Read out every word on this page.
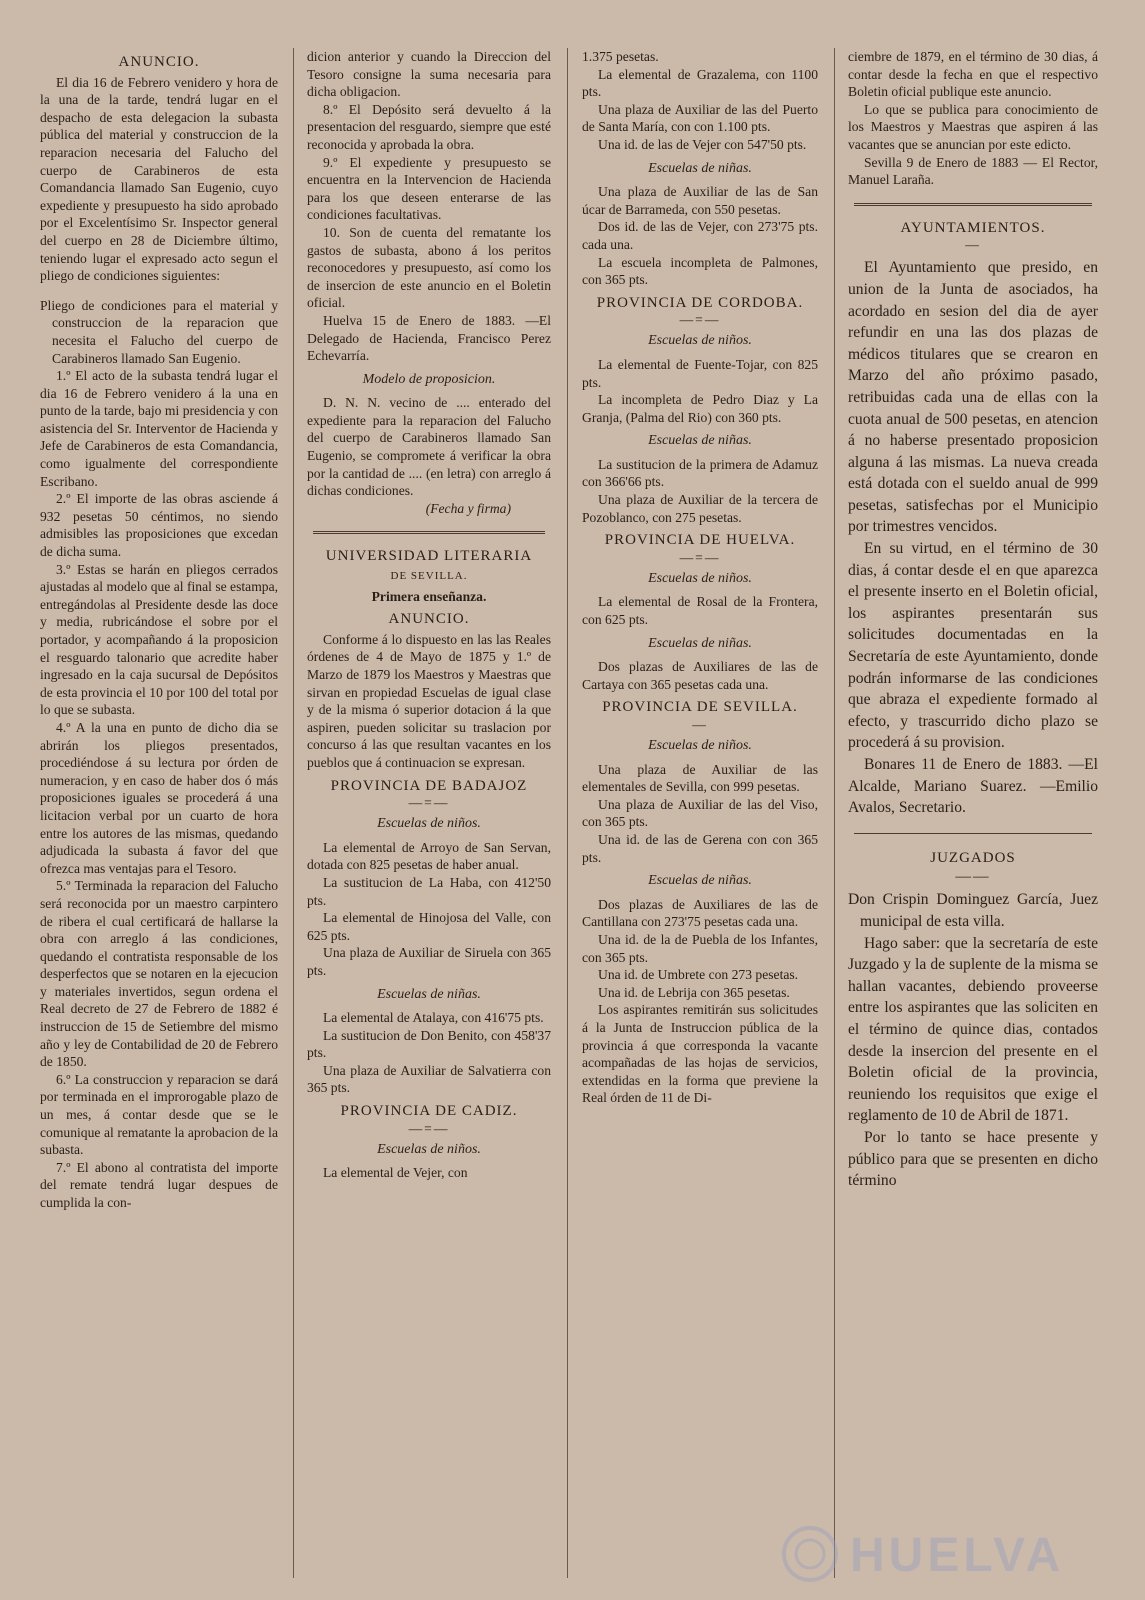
ANUNCIO.

El dia 16 de Febrero venidero y hora de la una de la tarde, tendrá lugar en el despacho de esta delegacion la subasta pública del material y construccion de la reparacion necesaria del Falucho del cuerpo de Carabineros de esta Comandancia llamado San Eugenio, cuyo expediente y presupuesto ha sido aprobado por el Excelentísimo Sr. Inspector general del cuerpo en 28 de Diciembre último, teniendo lugar el expresado acto segun el pliego de condiciones siguientes:

Pliego de condiciones para el material y construccion de la reparacion que necesita el Falucho del cuerpo de Carabineros llamado San Eugenio.

1.º El acto de la subasta tendrá lugar el dia 16 de Febrero venidero á la una en punto de la tarde, bajo mi presidencia y con asistencia del Sr. Interventor de Hacienda y Jefe de Carabineros de esta Comandancia, como igualmente del correspondiente Escribano.

2.º El importe de las obras asciende á 932 pesetas 50 céntimos, no siendo admisibles las proposiciones que excedan de dicha suma.

3.º Estas se harán en pliegos cerrados ajustadas al modelo que al final se estampa, entregándolas al Presidente desde las doce y media, rubricándose el sobre por el portador, y acompañando á la proposicion el resguardo talonario que acredite haber ingresado en la caja sucursal de Depósitos de esta provincia el 10 por 100 del total por lo que se subasta.

4.º A la una en punto de dicho dia se abrirán los pliegos presentados, procediéndose á su lectura por órden de numeracion, y en caso de haber dos ó más proposiciones iguales se procederá á una licitacion verbal por un cuarto de hora entre los autores de las mismas, quedando adjudicada la subasta á favor del que ofrezca mas ventajas para el Tesoro.

5.º Terminada la reparacion del Falucho será reconocida por un maestro carpintero de ribera el cual certificará de hallarse la obra con arreglo á las condiciones, quedando el contratista responsable de los desperfectos que se notaren en la ejecucion y materiales invertidos, segun ordena el Real decreto de 27 de Febrero de 1882 é instruccion de 15 de Setiembre del mismo año y ley de Contabilidad de 20 de Febrero de 1850.

6.º La construccion y reparacion se dará por terminada en el improrogable plazo de un mes, á contar desde que se le comunique al rematante la aprobacion de la subasta.

7.º El abono al contratista del importe del remate tendrá lugar despues de cumplida la con-

dicion anterior y cuando la Direccion del Tesoro consigne la suma necesaria para dicha obligacion.

8.º El Depósito será devuelto á la presentacion del resguardo, siempre que esté reconocida y aprobada la obra.

9.º El expediente y presupuesto se encuentra en la Intervencion de Hacienda para los que deseen enterarse de las condiciones facultativas.

10. Son de cuenta del rematante los gastos de subasta, abono á los peritos reconocedores y presupuesto, así como los de insercion de este anuncio en el Boletin oficial.

Huelva 15 de Enero de 1883. —El Delegado de Hacienda, Francisco Perez Echevarría.

Modelo de proposicion.

D. N. N. vecino de .... enterado del expediente para la reparacion del Falucho del cuerpo de Carabineros llamado San Eugenio, se compromete á verificar la obra por la cantidad de .... (en letra) con arreglo á dichas condiciones.

(Fecha y firma)

UNIVERSIDAD LITERARIA

DE SEVILLA.

Primera enseñanza.

ANUNCIO.

Conforme á lo dispuesto en las las Reales órdenes de 4 de Mayo de 1875 y 1.º de Marzo de 1879 los Maestros y Maestras que sirvan en propiedad Escuelas de igual clase y de la misma ó superior dotacion á la que aspiren, pueden solicitar su traslacion por concurso á las que resultan vacantes en los pueblos que á continuacion se expresan.

PROVINCIA DE BADAJOZ

—=—

Escuelas de niños.

La elemental de Arroyo de San Servan, dotada con 825 pesetas de haber anual.

La sustitucion de La Haba, con 412'50 pts.

La elemental de Hinojosa del Valle, con 625 pts.

Una plaza de Auxiliar de Siruela con 365 pts.

Escuelas de niñas.

La elemental de Atalaya, con 416'75 pts.

La sustitucion de Don Benito, con 458'37 pts.

Una plaza de Auxiliar de Salvatierra con 365 pts.

PROVINCIA DE CADIZ.

—=—

Escuelas de niños.

La elemental de Vejer, con

1.375 pesetas.

La elemental de Grazalema, con 1100 pts.

Una plaza de Auxiliar de las del Puerto de Santa María, con con 1.100 pts.

Una id. de las de Vejer con 547'50 pts.

Escuelas de niñas.

Una plaza de Auxiliar de las de San úcar de Barrameda, con 550 pesetas.

Dos id. de las de Vejer, con 273'75 pts. cada una.

La escuela incompleta de Palmones, con 365 pts.

PROVINCIA DE CORDOBA.

—=—

Escuelas de niños.

La elemental de Fuente-Tojar, con 825 pts.

La incompleta de Pedro Diaz y La Granja, (Palma del Rio) con 360 pts.

Escuelas de niñas.

La sustitucion de la primera de Adamuz con 366'66 pts.

Una plaza de Auxiliar de la tercera de Pozoblanco, con 275 pesetas.

PROVINCIA DE HUELVA.

—=—

Escuelas de niños.

La elemental de Rosal de la Frontera, con 625 pts.

Escuelas de niñas.

Dos plazas de Auxiliares de las de Cartaya con 365 pesetas cada una.

PROVINCIA DE SEVILLA.

—

Escuelas de niños.

Una plaza de Auxiliar de las elementales de Sevilla, con 999 pesetas.

Una plaza de Auxiliar de las del Viso, con 365 pts.

Una id. de las de Gerena con con 365 pts.

Escuelas de niñas.

Dos plazas de Auxiliares de las de Cantillana con 273'75 pesetas cada una.

Una id. de la de Puebla de los Infantes, con 365 pts.

Una id. de Umbrete con 273 pesetas.

Una id. de Lebrija con 365 pesetas.

Los aspirantes remitirán sus solicitudes á la Junta de Instruccion pública de la provincia á que corresponda la vacante acompañadas de las hojas de servicios, extendidas en la forma que previene la Real órden de 11 de Di-

ciembre de 1879, en el término de 30 dias, á contar desde la fecha en que el respectivo Boletin oficial publique este anuncio.

Lo que se publica para conocimiento de los Maestros y Maestras que aspiren á las vacantes que se anuncian por este edicto.

Sevilla 9 de Enero de 1883 — El Rector, Manuel Laraña.

AYUNTAMIENTOS.

—

El Ayuntamiento que presido, en union de la Junta de asociados, ha acordado en sesion del dia de ayer refundir en una las dos plazas de médicos titulares que se crearon en Marzo del año próximo pasado, retribuidas cada una de ellas con la cuota anual de 500 pesetas, en atencion á no haberse presentado proposicion alguna á las mismas. La nueva creada está dotada con el sueldo anual de 999 pesetas, satisfechas por el Municipio por trimestres vencidos.

En su virtud, en el término de 30 dias, á contar desde el en que aparezca el presente inserto en el Boletin oficial, los aspirantes presentarán sus solicitudes documentadas en la Secretaría de este Ayuntamiento, donde podrán informarse de las condiciones que abraza el expediente formado al efecto, y trascurrido dicho plazo se procederá á su provision.

Bonares 11 de Enero de 1883. —El Alcalde, Mariano Suarez. —Emilio Avalos, Secretario.

JUZGADOS

——

Don Crispin Dominguez García, Juez municipal de esta villa.

Hago saber: que la secretaría de este Juzgado y la de suplente de la misma se hallan vacantes, debiendo proveerse entre los aspirantes que las soliciten en el término de quince dias, contados desde la insercion del presente en el Boletin oficial de la provincia, reuniendo los requisitos que exige el reglamento de 10 de Abril de 1871.

Por lo tanto se hace presente y público para que se presenten en dicho término

HUELVA
